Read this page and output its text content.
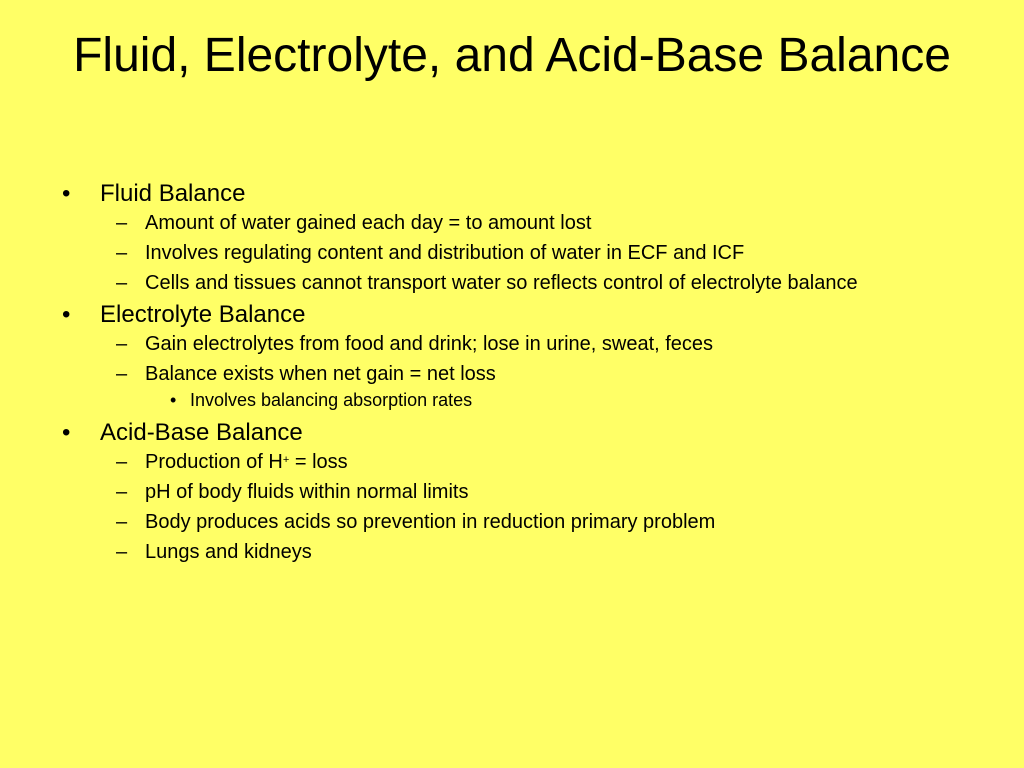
Fluid, Electrolyte, and Acid-Base Balance
• Fluid Balance
– Amount of water gained each day = to amount lost
– Involves regulating content and distribution of water in ECF and ICF
– Cells and tissues cannot transport water so reflects control of electrolyte balance
• Electrolyte Balance
– Gain electrolytes from food and drink; lose in urine, sweat, feces
– Balance exists when net gain = net loss
• Involves balancing absorption rates
• Acid-Base Balance
– Production of H+ = loss
– pH of body fluids within normal limits
– Body produces acids so prevention in reduction primary problem
– Lungs and kidneys
